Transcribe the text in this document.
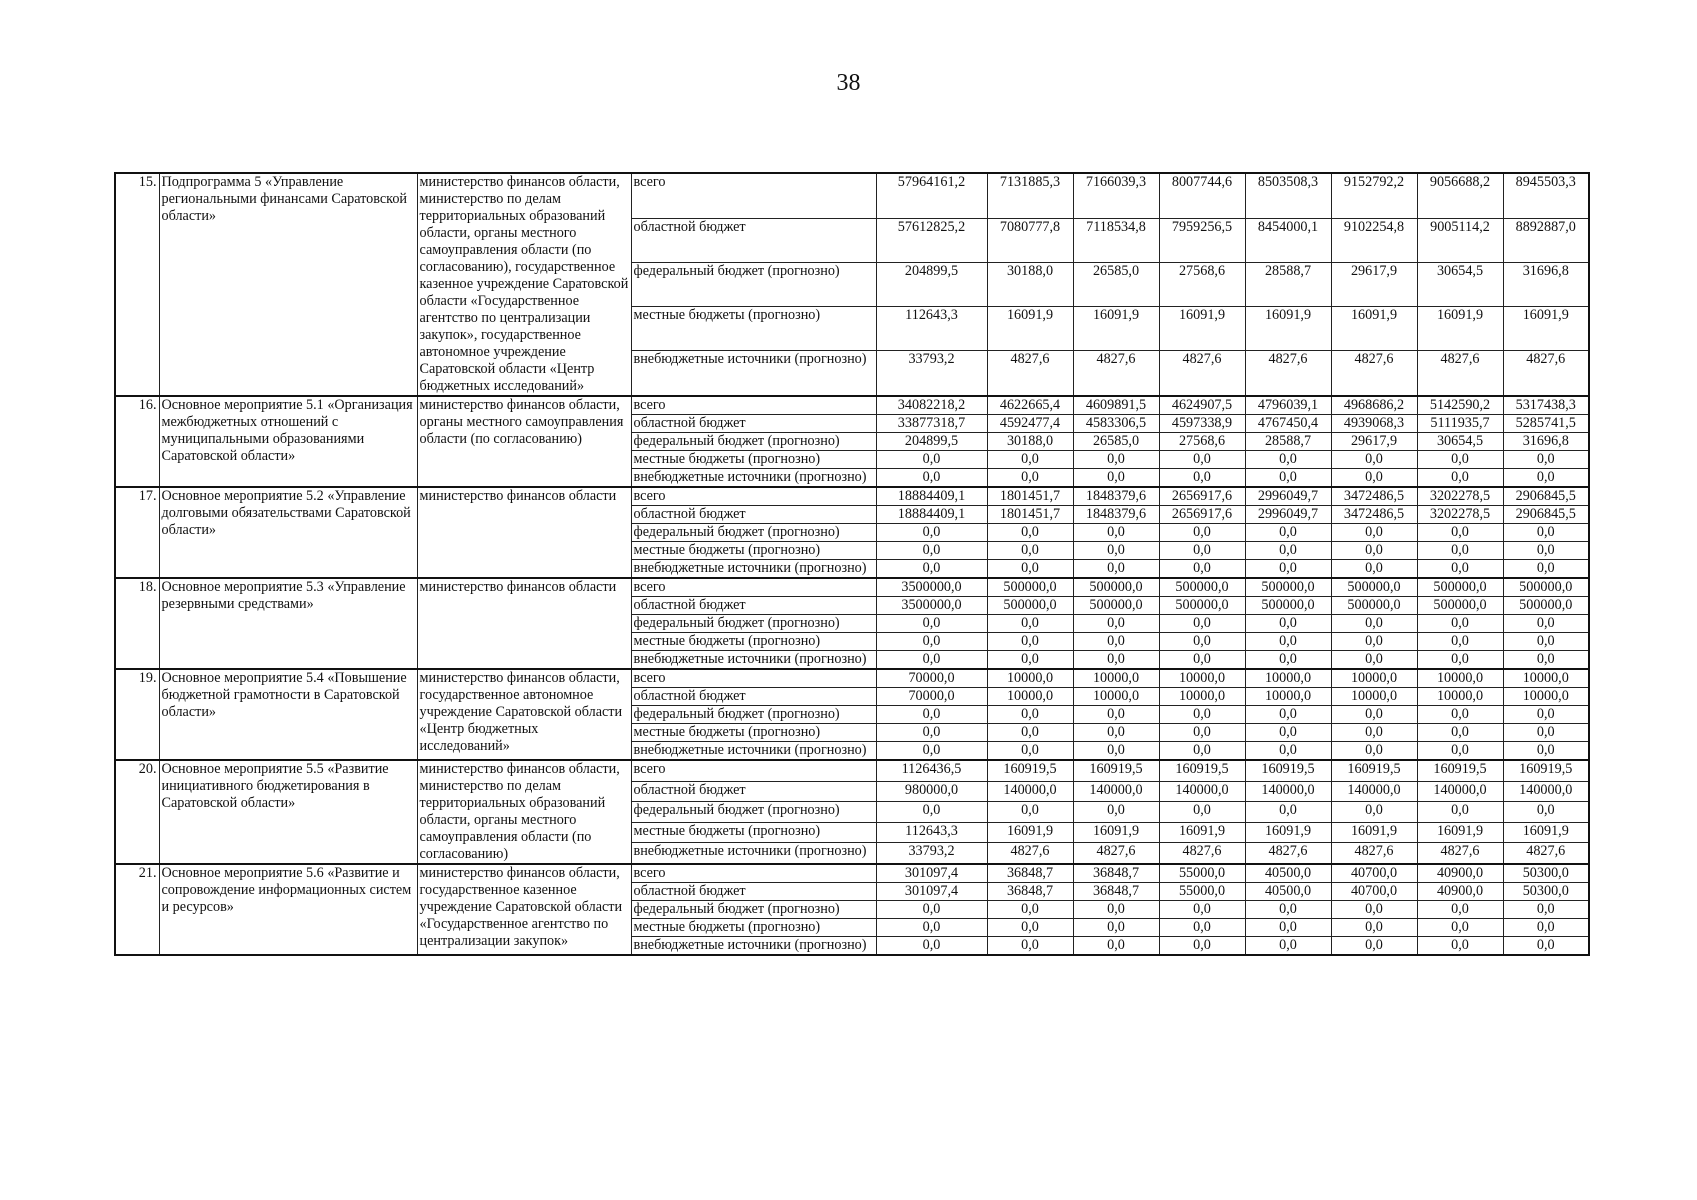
38
15.	Подпрограмма 5 «Управление региональными финансами Саратовской области»	министерство финансов области, министерство по делам территориальных образований области, органы местного самоуправления области (по согласованию), государственное казенное учреждение Саратовской области «Государственное агентство по централизации закупок», государственное автономное учреждение Саратовской области «Центр бюджетных исследований»	всего	57964161,2	7131885,3	7166039,3	8007744,6	8503508,3	9152792,2	9056688,2	8945503,3
			областной бюджет	57612825,2	7080777,8	7118534,8	7959256,5	8454000,1	9102254,8	9005114,2	8892887,0
			федеральный бюджет (прогнозно)	204899,5	30188,0	26585,0	27568,6	28588,7	29617,9	30654,5	31696,8
			местные бюджеты (прогнозно)	112643,3	16091,9	16091,9	16091,9	16091,9	16091,9	16091,9	16091,9
			внебюджетные источники (прогнозно)	33793,2	4827,6	4827,6	4827,6	4827,6	4827,6	4827,6	4827,6
16.	Основное мероприятие 5.1 «Организация межбюджетных отношений с муниципальными образованиями Саратовской области»	министерство финансов области, органы местного самоуправления области (по согласованию)	всего	34082218,2	4622665,4	4609891,5	4624907,5	4796039,1	4968686,2	5142590,2	5317438,3
			областной бюджет	33877318,7	4592477,4	4583306,5	4597338,9	4767450,4	4939068,3	5111935,7	5285741,5
			федеральный бюджет (прогнозно)	204899,5	30188,0	26585,0	27568,6	28588,7	29617,9	30654,5	31696,8
			местные бюджеты (прогнозно)	0,0	0,0	0,0	0,0	0,0	0,0	0,0	0,0
			внебюджетные источники (прогнозно)	0,0	0,0	0,0	0,0	0,0	0,0	0,0	0,0
17.	Основное мероприятие 5.2 «Управление долговыми обязательствами Саратовской области»	министерство финансов области	всего	18884409,1	1801451,7	1848379,6	2656917,6	2996049,7	3472486,5	3202278,5	2906845,5
			областной бюджет	18884409,1	1801451,7	1848379,6	2656917,6	2996049,7	3472486,5	3202278,5	2906845,5
			федеральный бюджет (прогнозно)	0,0	0,0	0,0	0,0	0,0	0,0	0,0	0,0
			местные бюджеты (прогнозно)	0,0	0,0	0,0	0,0	0,0	0,0	0,0	0,0
			внебюджетные источники (прогнозно)	0,0	0,0	0,0	0,0	0,0	0,0	0,0	0,0
18.	Основное мероприятие 5.3 «Управление резервными средствами»	министерство финансов области	всего	3500000,0	500000,0	500000,0	500000,0	500000,0	500000,0	500000,0	500000,0
			областной бюджет	3500000,0	500000,0	500000,0	500000,0	500000,0	500000,0	500000,0	500000,0
			федеральный бюджет (прогнозно)	0,0	0,0	0,0	0,0	0,0	0,0	0,0	0,0
			местные бюджеты (прогнозно)	0,0	0,0	0,0	0,0	0,0	0,0	0,0	0,0
			внебюджетные источники (прогнозно)	0,0	0,0	0,0	0,0	0,0	0,0	0,0	0,0
19.	Основное мероприятие 5.4 «Повышение бюджетной грамотности в Саратовской области»	министерство финансов области, государственное автономное учреждение Саратовской области «Центр бюджетных исследований»	всего	70000,0	10000,0	10000,0	10000,0	10000,0	10000,0	10000,0	10000,0
			областной бюджет	70000,0	10000,0	10000,0	10000,0	10000,0	10000,0	10000,0	10000,0
			федеральный бюджет (прогнозно)	0,0	0,0	0,0	0,0	0,0	0,0	0,0	0,0
			местные бюджеты (прогнозно)	0,0	0,0	0,0	0,0	0,0	0,0	0,0	0,0
			внебюджетные источники (прогнозно)	0,0	0,0	0,0	0,0	0,0	0,0	0,0	0,0
20.	Основное мероприятие 5.5 «Развитие инициативного бюджетирования в Саратовской области»	министерство финансов области, министерство по делам территориальных образований области, органы местного самоуправления области (по согласованию)	всего	1126436,5	160919,5	160919,5	160919,5	160919,5	160919,5	160919,5	160919,5
			областной бюджет	980000,0	140000,0	140000,0	140000,0	140000,0	140000,0	140000,0	140000,0
			федеральный бюджет (прогнозно)	0,0	0,0	0,0	0,0	0,0	0,0	0,0	0,0
			местные бюджеты (прогнозно)	112643,3	16091,9	16091,9	16091,9	16091,9	16091,9	16091,9	16091,9
			внебюджетные источники (прогнозно)	33793,2	4827,6	4827,6	4827,6	4827,6	4827,6	4827,6	4827,6
21.	Основное мероприятие 5.6 «Развитие и сопровождение информационных систем и ресурсов»	министерство финансов области, государственное казенное учреждение Саратовской области «Государственное агентство по централизации закупок»	всего	301097,4	36848,7	36848,7	55000,0	40500,0	40700,0	40900,0	50300,0
			областной бюджет	301097,4	36848,7	36848,7	55000,0	40500,0	40700,0	40900,0	50300,0
			федеральный бюджет (прогнозно)	0,0	0,0	0,0	0,0	0,0	0,0	0,0	0,0
			местные бюджеты (прогнозно)	0,0	0,0	0,0	0,0	0,0	0,0	0,0	0,0
			внебюджетные источники (прогнозно)	0,0	0,0	0,0	0,0	0,0	0,0	0,0	0,0
